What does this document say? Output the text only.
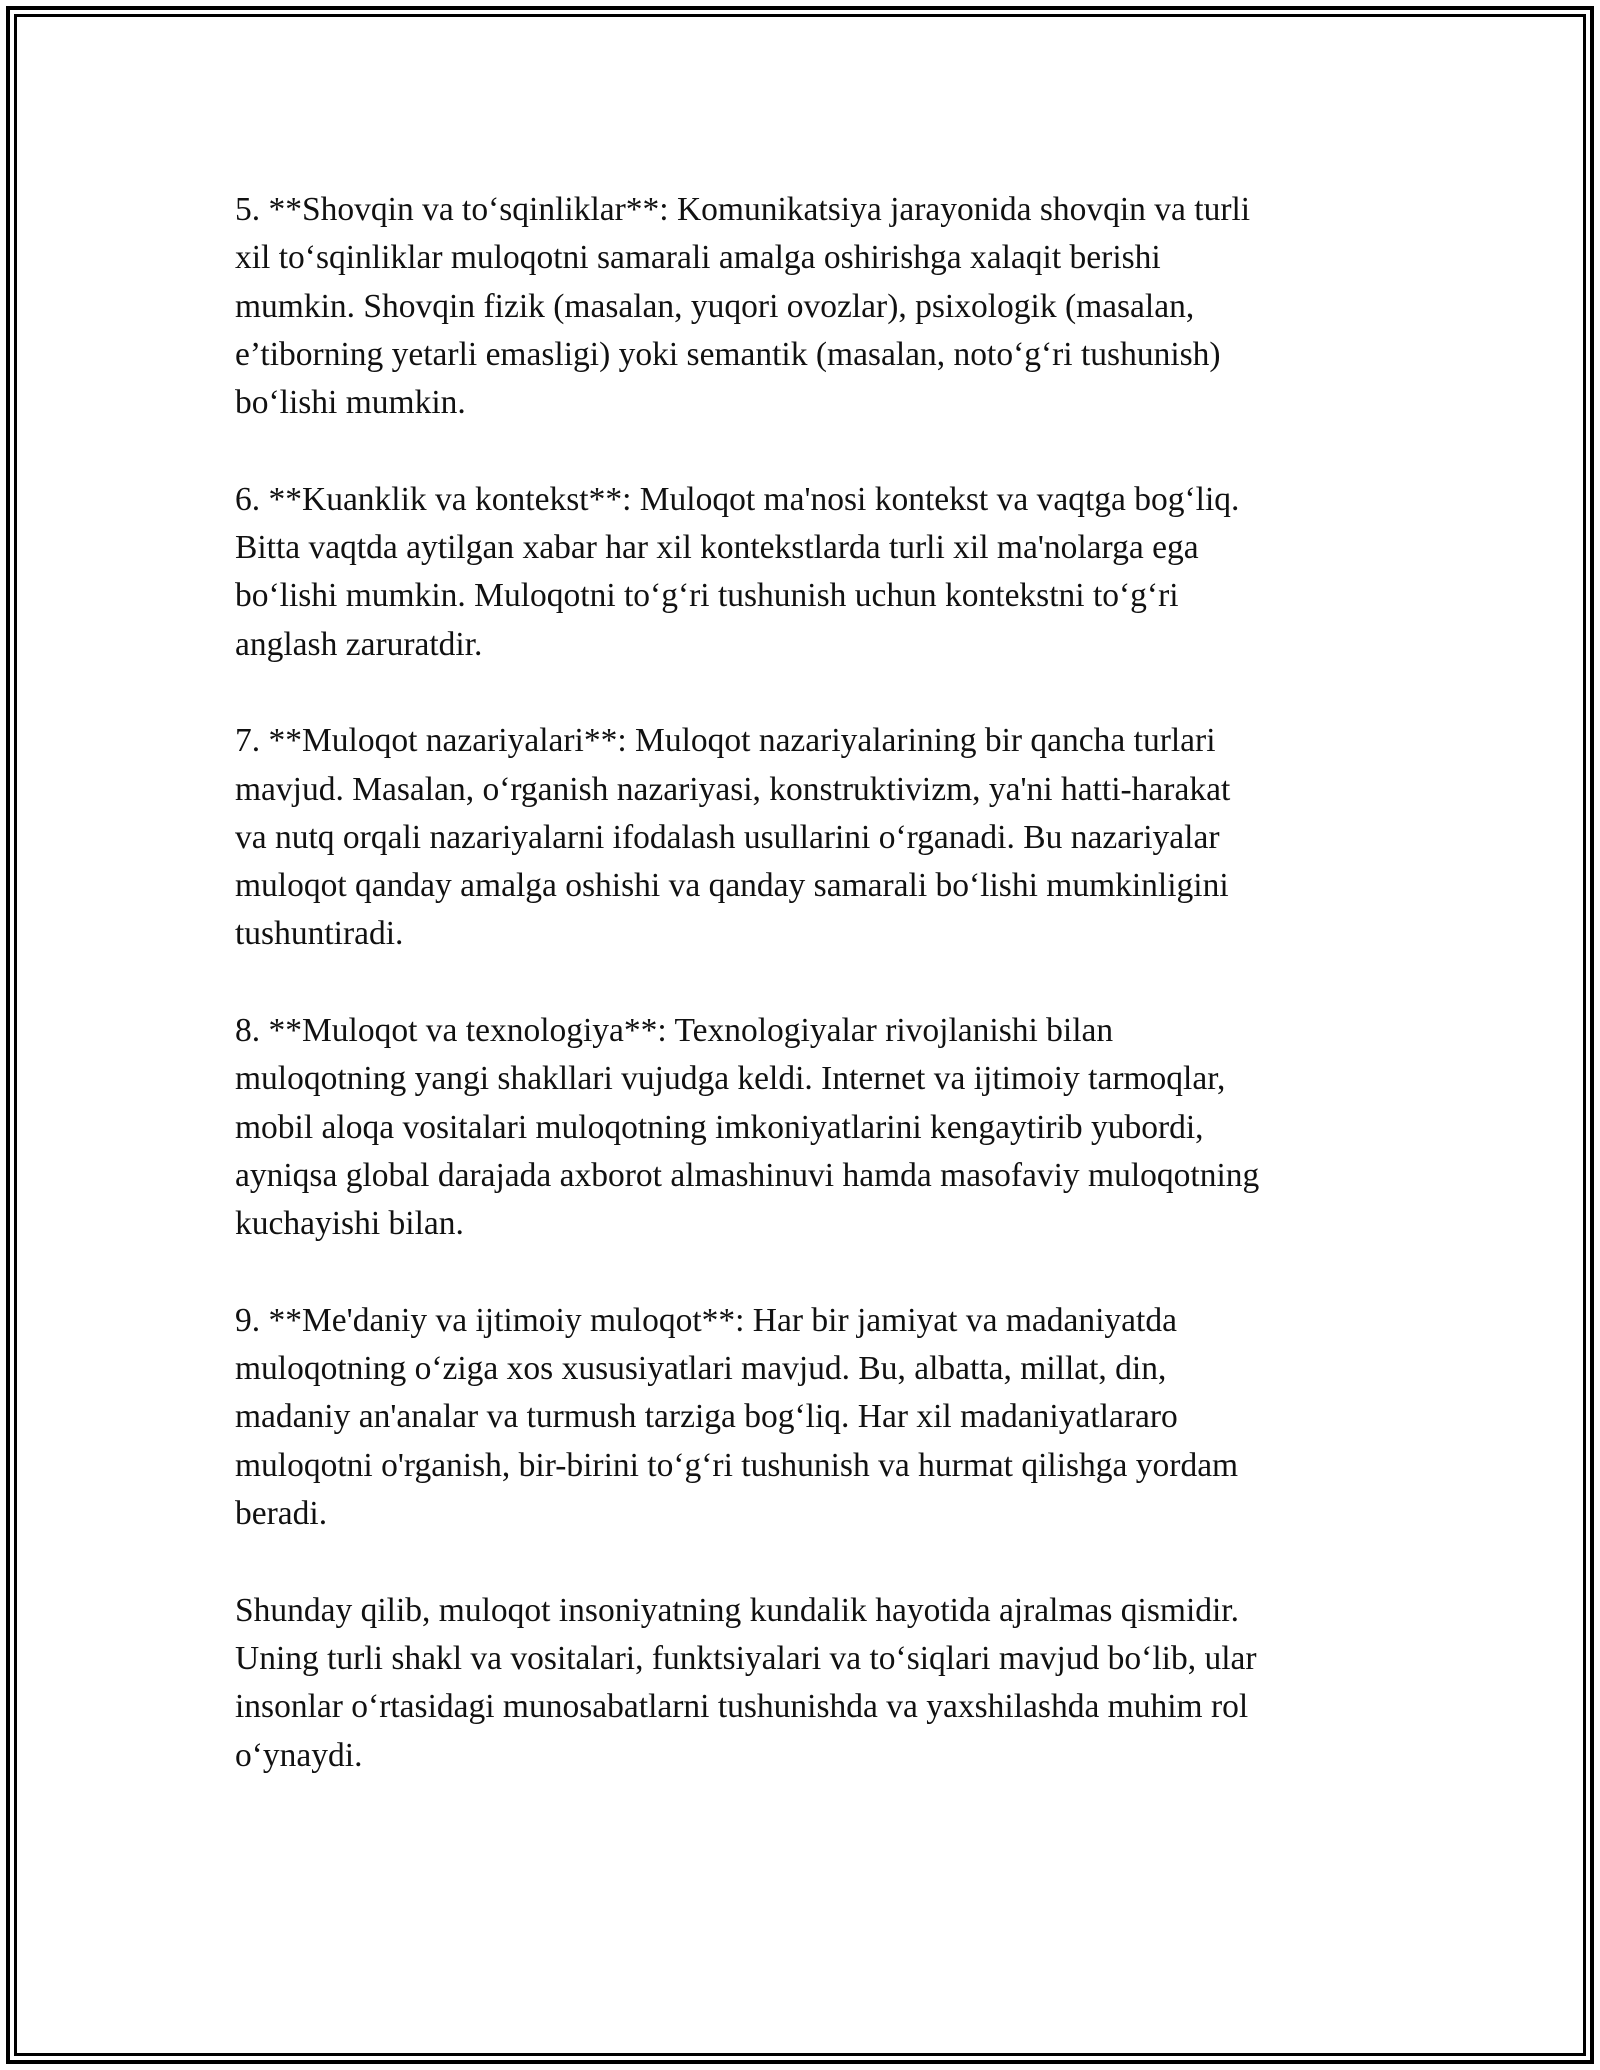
5. **Shovqin va to‘sqinliklar**: Komunikatsiya jarayonida shovqin va turli
xil to‘sqinliklar muloqotni samarali amalga oshirishga xalaqit berishi
mumkin. Shovqin fizik (masalan, yuqori ovozlar), psixologik (masalan,
e’tiborning yetarli emasligi) yoki semantik (masalan, noto‘g‘ri tushunish)
bo‘lishi mumkin.

6. **Kuanklik va kontekst**: Muloqot ma'nosi kontekst va vaqtga bog‘liq.
Bitta vaqtda aytilgan xabar har xil kontekstlarda turli xil ma'nolarga ega
bo‘lishi mumkin. Muloqotni to‘g‘ri tushunish uchun kontekstni to‘g‘ri
anglash zaruratdir.

7. **Muloqot nazariyalari**: Muloqot nazariyalarining bir qancha turlari
mavjud. Masalan, o‘rganish nazariyasi, konstruktivizm, ya'ni hatti-harakat
va nutq orqali nazariyalarni ifodalash usullarini o‘rganadi. Bu nazariyalar
muloqot qanday amalga oshishi va qanday samarali bo‘lishi mumkinligini
tushuntiradi.

8. **Muloqot va texnologiya**: Texnologiyalar rivojlanishi bilan
muloqotning yangi shakllari vujudga keldi. Internet va ijtimoiy tarmoqlar,
mobil aloqa vositalari muloqotning imkoniyatlarini kengaytirib yubordi,
ayniqsa global darajada axborot almashinuvi hamda masofaviy muloqotning
kuchayishi bilan.

9. **Me'daniy va ijtimoiy muloqot**: Har bir jamiyat va madaniyatda
muloqotning o‘ziga xos xususiyatlari mavjud. Bu, albatta, millat, din,
madaniy an'analar va turmush tarziga bog‘liq. Har xil madaniyatlararo
muloqotni o'rganish, bir-birini to‘g‘ri tushunish va hurmat qilishga yordam
beradi.

Shunday qilib, muloqot insoniyatning kundalik hayotida ajralmas qismidir.
Uning turli shakl va vositalari, funktsiyalari va to‘siqlari mavjud bo‘lib, ular
insonlar o‘rtasidagi munosabatlarni tushunishda va yaxshilashda muhim rol
o‘ynaydi.
